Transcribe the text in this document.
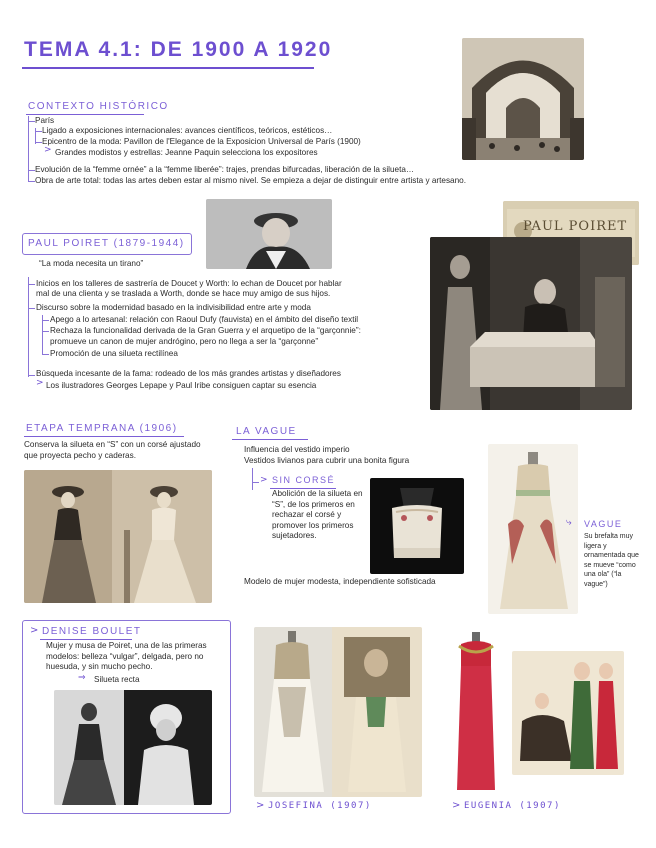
TEMA 4.1: DE 1900 A 1920
CONTEXTO HISTÓRICO
París
Ligado a exposiciones internacionales: avances científicos, teóricos, estéticos…
Epicentro de la moda: Pavillon de l'Elegance de la Exposicion Universal de París (1900)
> Grandes modistos y estrellas: Jeanne Paquin selecciona los expositores
Evolución de la “femme ornée” a la “femme liberée”: trajes, prendas bifurcadas, liberación de la silueta…
Obra de arte total: todas las artes deben estar al mismo nivel. Se empieza a dejar de distinguir entre artista y artesano.
PAUL POIRET
PAUL POIRET (1879-1944)
“La moda necesita un tirano”
Inicios en los talleres de sastrería de Doucet y Worth: lo echan de Doucet por hablar
mal de una clienta y se traslada a Worth, donde se hace muy amigo de sus hijos.
Discurso sobre la modernidad basado en la indivisibilidad entre arte y moda
Apego a lo artesanal: relación con Raoul Dufy (fauvista) en el ámbito del diseño textil
Rechaza la funcionalidad derivada de la Gran Guerra y el arquetipo de la “garçonnie”:
promueve un canon de mujer andrógino, pero no llega a ser la “garçonne”
Promoción de una silueta rectilínea
Búsqueda incesante de la fama: rodeado de los más grandes artistas y diseñadores
> Los ilustradores Georges Lepape y Paul Iribe consiguen captar su esencia
ETAPA TEMPRANA (1906)
Conserva la silueta en “S” con un corsé ajustado que proyecta pecho y caderas.
LA VAGUE
Influencia del vestido imperio
Vestidos livianos para cubrir una bonita figura
> SIN CORSÉ
Abolición de la silueta en “S”, de los primeros en rechazar el corsé y promover los primeros sujetadores.
Modelo de mujer modesta, independiente sofisticada
⤷ VAGUE
Su brefalta muy ligera y ornamentada que se mueve “como una ola” (“la vague”)
> DENISE BOULET
Mujer y musa de Poiret, una de las primeras modelos: belleza “vulgar”, delgada, pero no huesuda, y sin mucho pecho.
⇒ Silueta recta
> JOSEFINA (1907)	> EUGENIA (1907)
